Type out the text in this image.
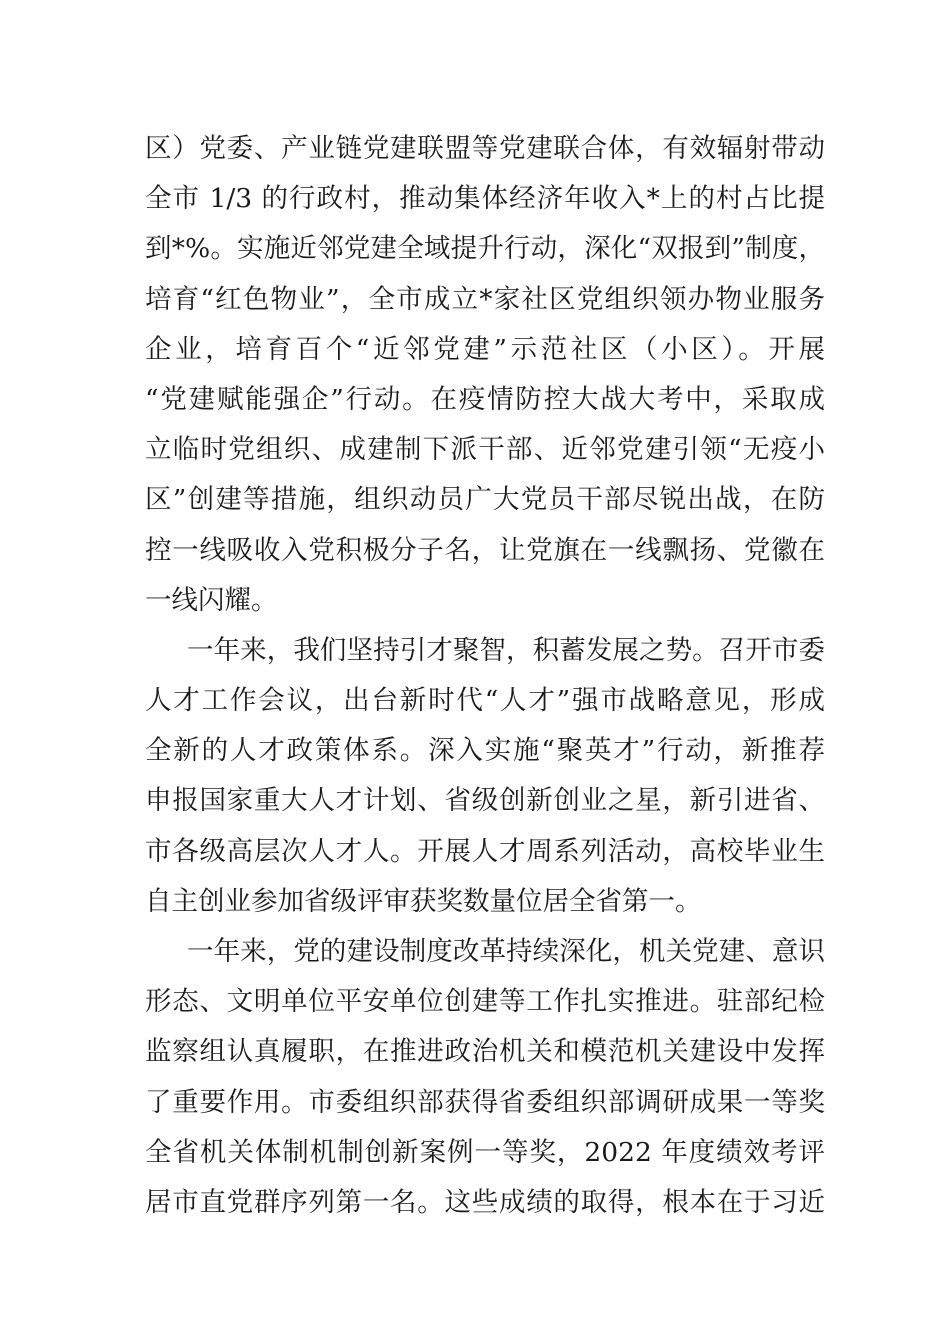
区）党委、产业链党建联盟等党建联合体，有效辐射带动
全市 1/3 的行政村，推动集体经济年收入*上的村占比提
到*%。实施近邻党建全域提升行动，深化“双报到”制度，
培育“红色物业”，全市成立*家社区党组织领办物业服务
企业，培育百个“近邻党建”示范社区（小区）。开展
“党建赋能强企”行动。在疫情防控大战大考中，采取成
立临时党组织、成建制下派干部、近邻党建引领“无疫小
区”创建等措施，组织动员广大党员干部尽锐出战，在防
控一线吸收入党积极分子名，让党旗在一线飘扬、党徽在
一线闪耀。
一年来，我们坚持引才聚智，积蓄发展之势。召开市委
人才工作会议，出台新时代“人才”强市战略意见，形成
全新的人才政策体系。深入实施“聚英才”行动，新推荐
申报国家重大人才计划、省级创新创业之星，新引进省、
市各级高层次人才人。开展人才周系列活动，高校毕业生
自主创业参加省级评审获奖数量位居全省第一。
一年来，党的建设制度改革持续深化，机关党建、意识
形态、文明单位平安单位创建等工作扎实推进。驻部纪检
监察组认真履职，在推进政治机关和模范机关建设中发挥
了重要作用。市委组织部获得省委组织部调研成果一等奖
全省机关体制机制创新案例一等奖，2022 年度绩效考评
居市直党群序列第一名。这些成绩的取得，根本在于习近
